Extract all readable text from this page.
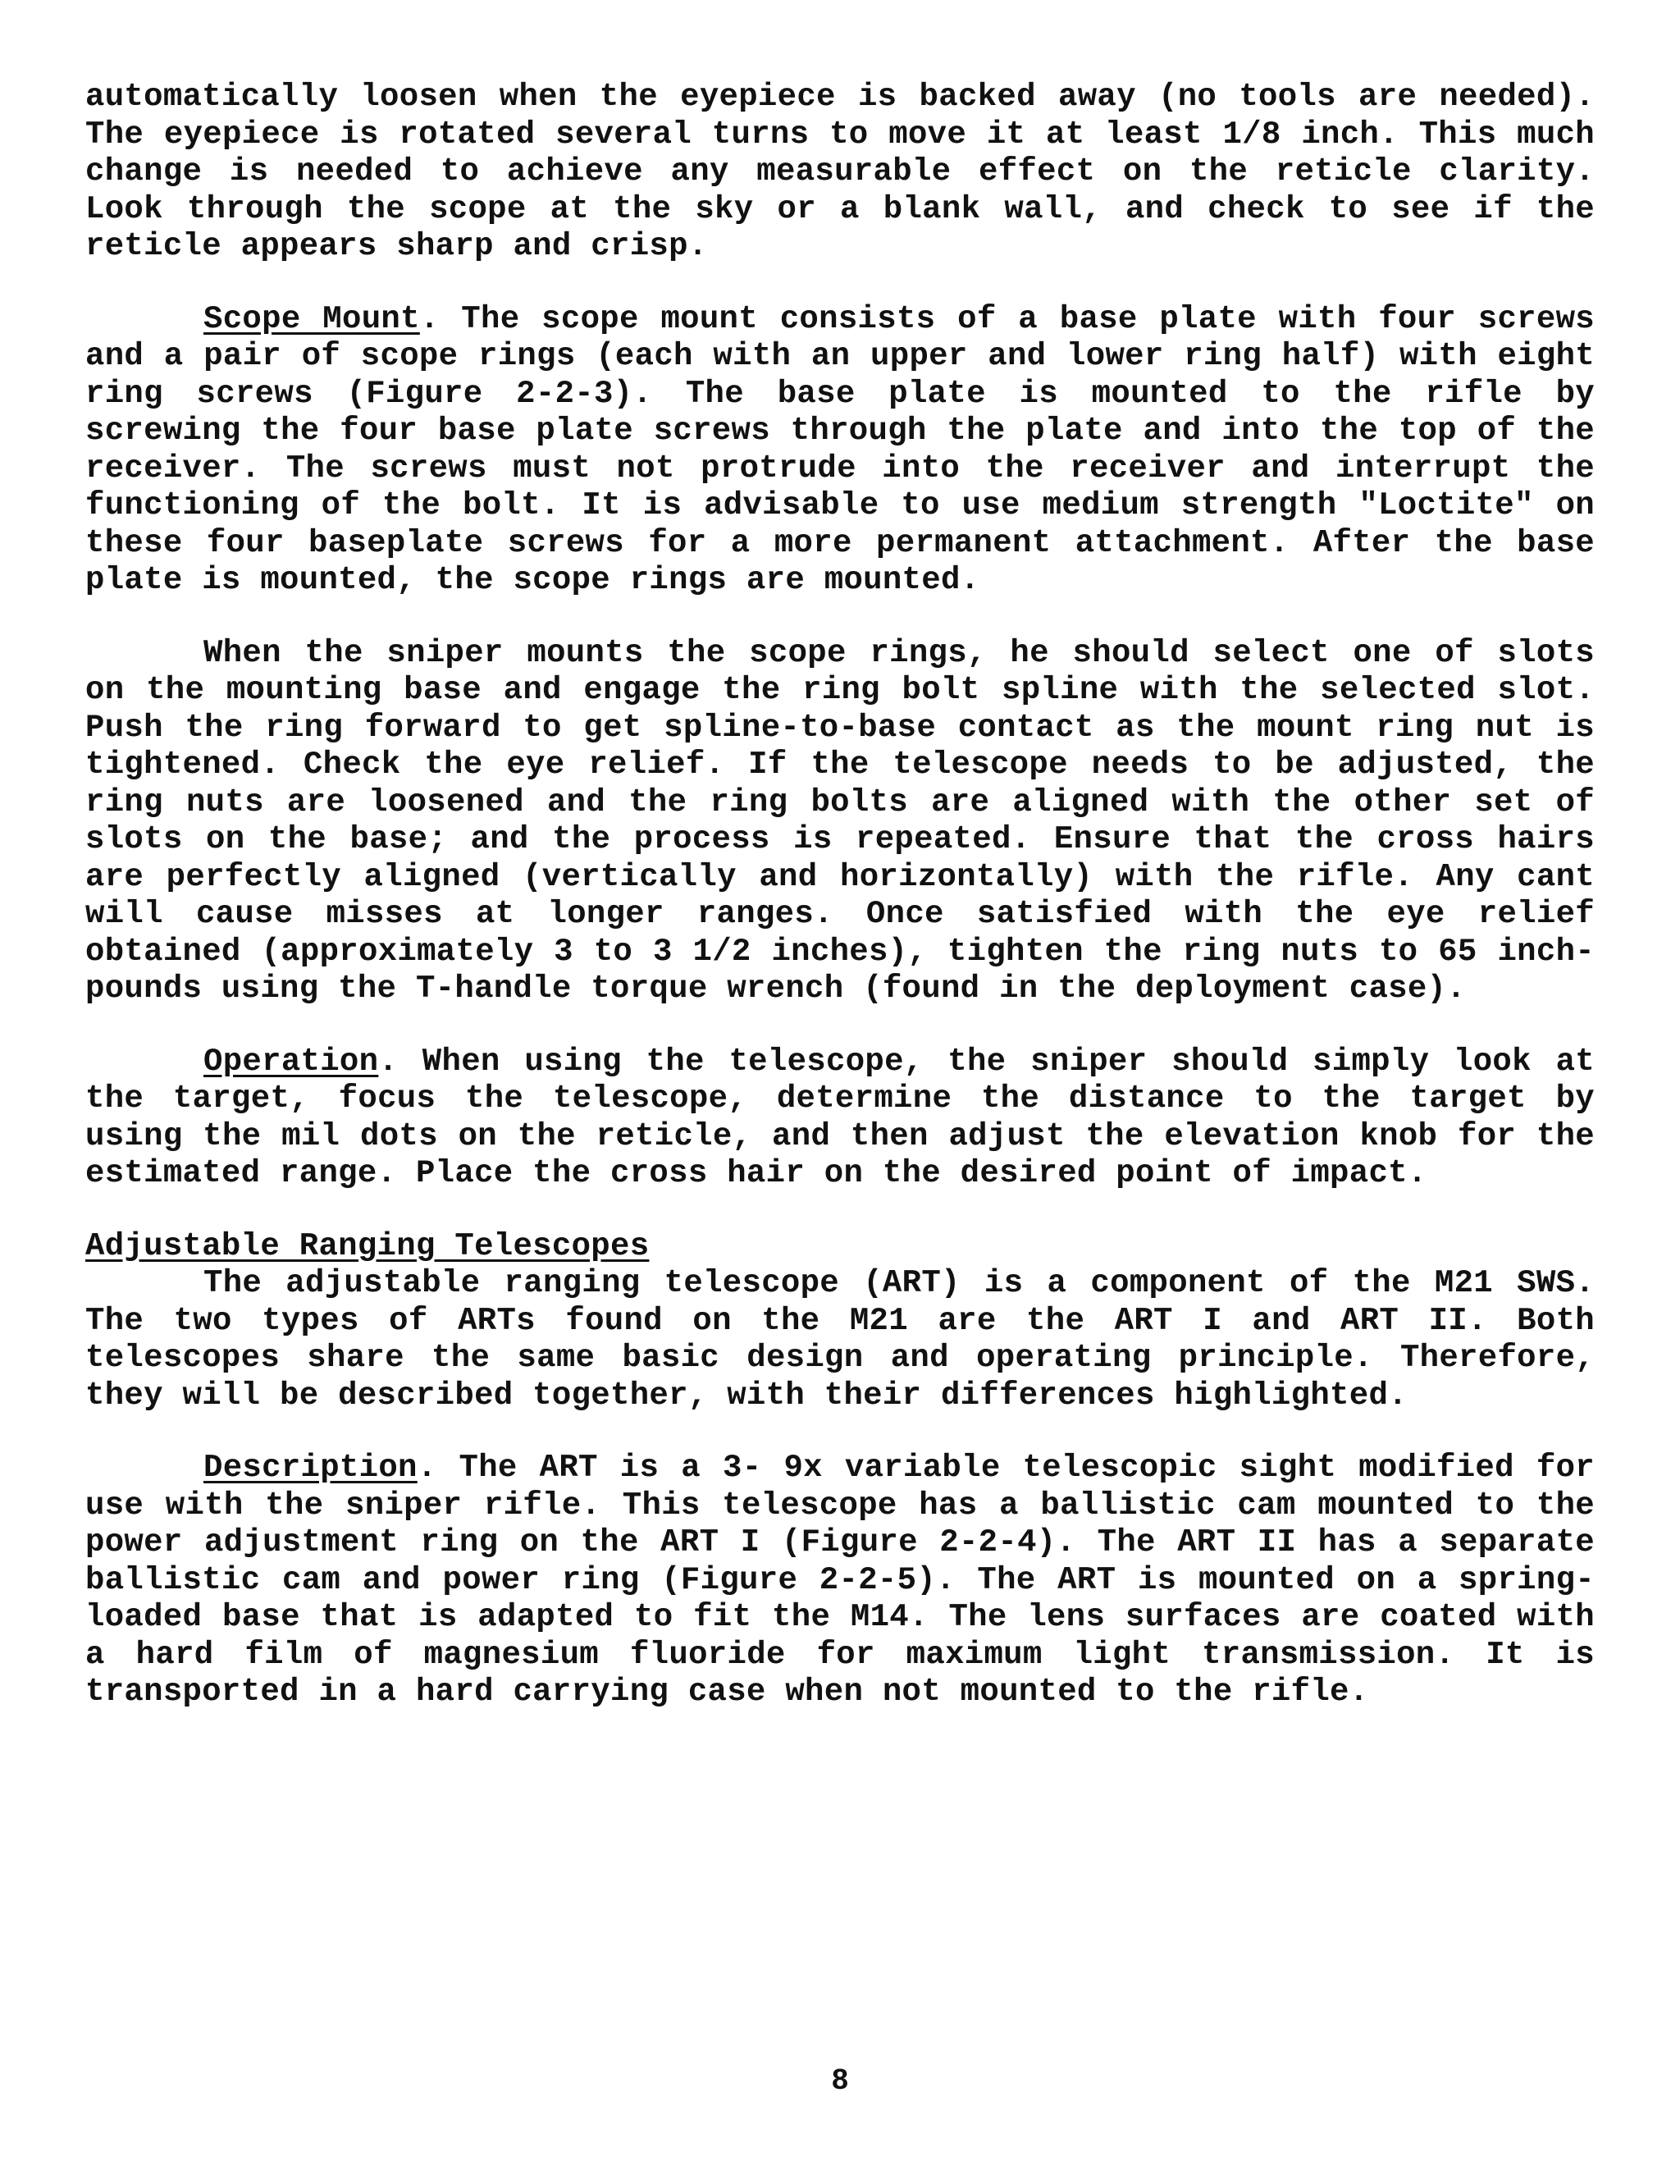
automatically loosen when the eyepiece is backed away (no tools are needed). The eyepiece is rotated several turns to move it at least 1/8 inch. This much change is needed to achieve any measurable effect on the reticle clarity. Look through the scope at the sky or a blank wall, and check to see if the reticle appears sharp and crisp.

Scope Mount. The scope mount consists of a base plate with four screws and a pair of scope rings (each with an upper and lower ring half) with eight ring screws (Figure 2-2-3). The base plate is mounted to the rifle by screwing the four base plate screws through the plate and into the top of the receiver. The screws must not protrude into the receiver and interrupt the functioning of the bolt. It is advisable to use medium strength "Loctite" on these four baseplate screws for a more permanent attachment. After the base plate is mounted, the scope rings are mounted.

When the sniper mounts the scope rings, he should select one of slots on the mounting base and engage the ring bolt spline with the selected slot. Push the ring forward to get spline-to-base contact as the mount ring nut is tightened. Check the eye relief. If the telescope needs to be adjusted, the ring nuts are loosened and the ring bolts are aligned with the other set of slots on the base; and the process is repeated. Ensure that the cross hairs are perfectly aligned (vertically and horizontally) with the rifle. Any cant will cause misses at longer ranges. Once satisfied with the eye relief obtained (approximately 3 to 3 1/2 inches), tighten the ring nuts to 65 inch-pounds using the T-handle torque wrench (found in the deployment case).

Operation. When using the telescope, the sniper should simply look at the target, focus the telescope, determine the distance to the target by using the mil dots on the reticle, and then adjust the elevation knob for the estimated range. Place the cross hair on the desired point of impact.

Adjustable Ranging Telescopes

The adjustable ranging telescope (ART) is a component of the M21 SWS. The two types of ARTs found on the M21 are the ART I and ART II. Both telescopes share the same basic design and operating principle. Therefore, they will be described together, with their differences highlighted.

Description. The ART is a 3- 9x variable telescopic sight modified for use with the sniper rifle. This telescope has a ballistic cam mounted to the power adjustment ring on the ART I (Figure 2-2-4). The ART II has a separate ballistic cam and power ring (Figure 2-2-5). The ART is mounted on a spring-loaded base that is adapted to fit the M14. The lens surfaces are coated with a hard film of magnesium fluoride for maximum light transmission. It is transported in a hard carrying case when not mounted to the rifle.

8
